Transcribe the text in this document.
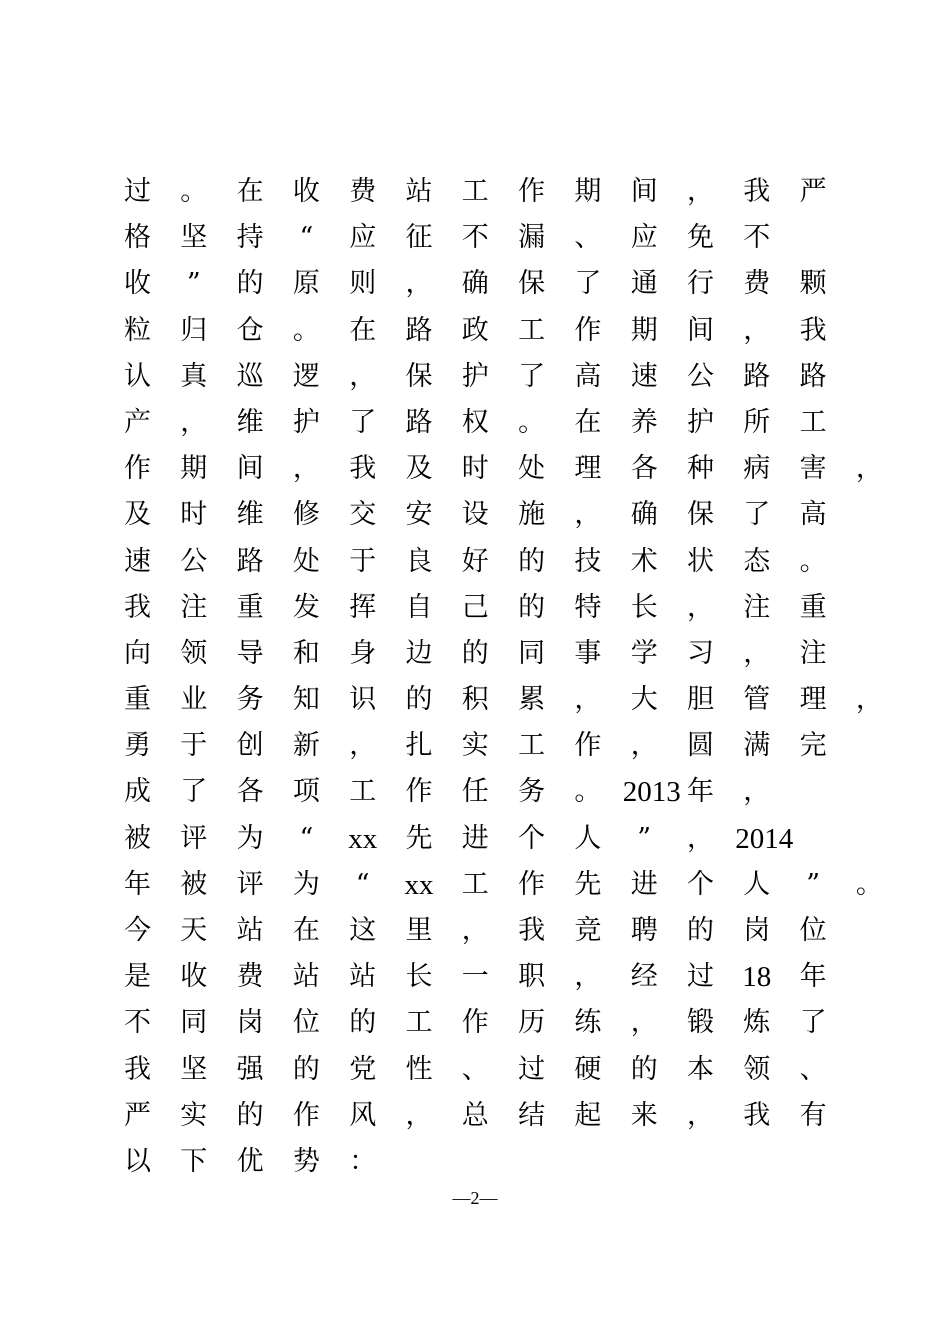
过 。 在 收 费 站 工 作 期 间 ， 我 严
格 坚 持 “ 应 征 不 漏 、 应 免 不
收 ” 的 原 则 ， 确 保 了 通 行 费 颗
粒 归 仓 。 在 路 政 工 作 期 间 ， 我
认 真 巡 逻 ， 保 护 了 高 速 公 路 路
产 ， 维 护 了 路 权 。 在 养 护 所 工
作 期 间 ， 我 及 时 处 理 各 种 病 害 ，
及 时 维 修 交 安 设 施 ， 确 保 了 高
速 公 路 处 于 良 好 的 技 术 状 态 。
我 注 重 发 挥 自 己 的 特 长 ， 注 重
向 领 导 和 身 边 的 同 事 学 习 ， 注
重 业 务 知 识 的 积 累 ， 大 胆 管 理 ，
勇 于 创 新 ， 扎 实 工 作 ， 圆 满 完
成 了 各 项 工 作 任 务 。 2013 年 ，
被 评 为 “ xx 先 进 个 人 ” ， 2014
年 被 评 为 “ xx 工 作 先 进 个 人 ” 。
今 天 站 在 这 里 ， 我 竞 聘 的 岗 位
是 收 费 站 站 长 一 职 ， 经 过 18 年
不 同 岗 位 的 工 作 历 练 ， 锻 炼 了
我 坚 强 的 党 性 、 过 硬 的 本 领 、
严 实 的 作 风 ， 总 结 起 来 ， 我 有
以 下 优 势 ：
—2—
